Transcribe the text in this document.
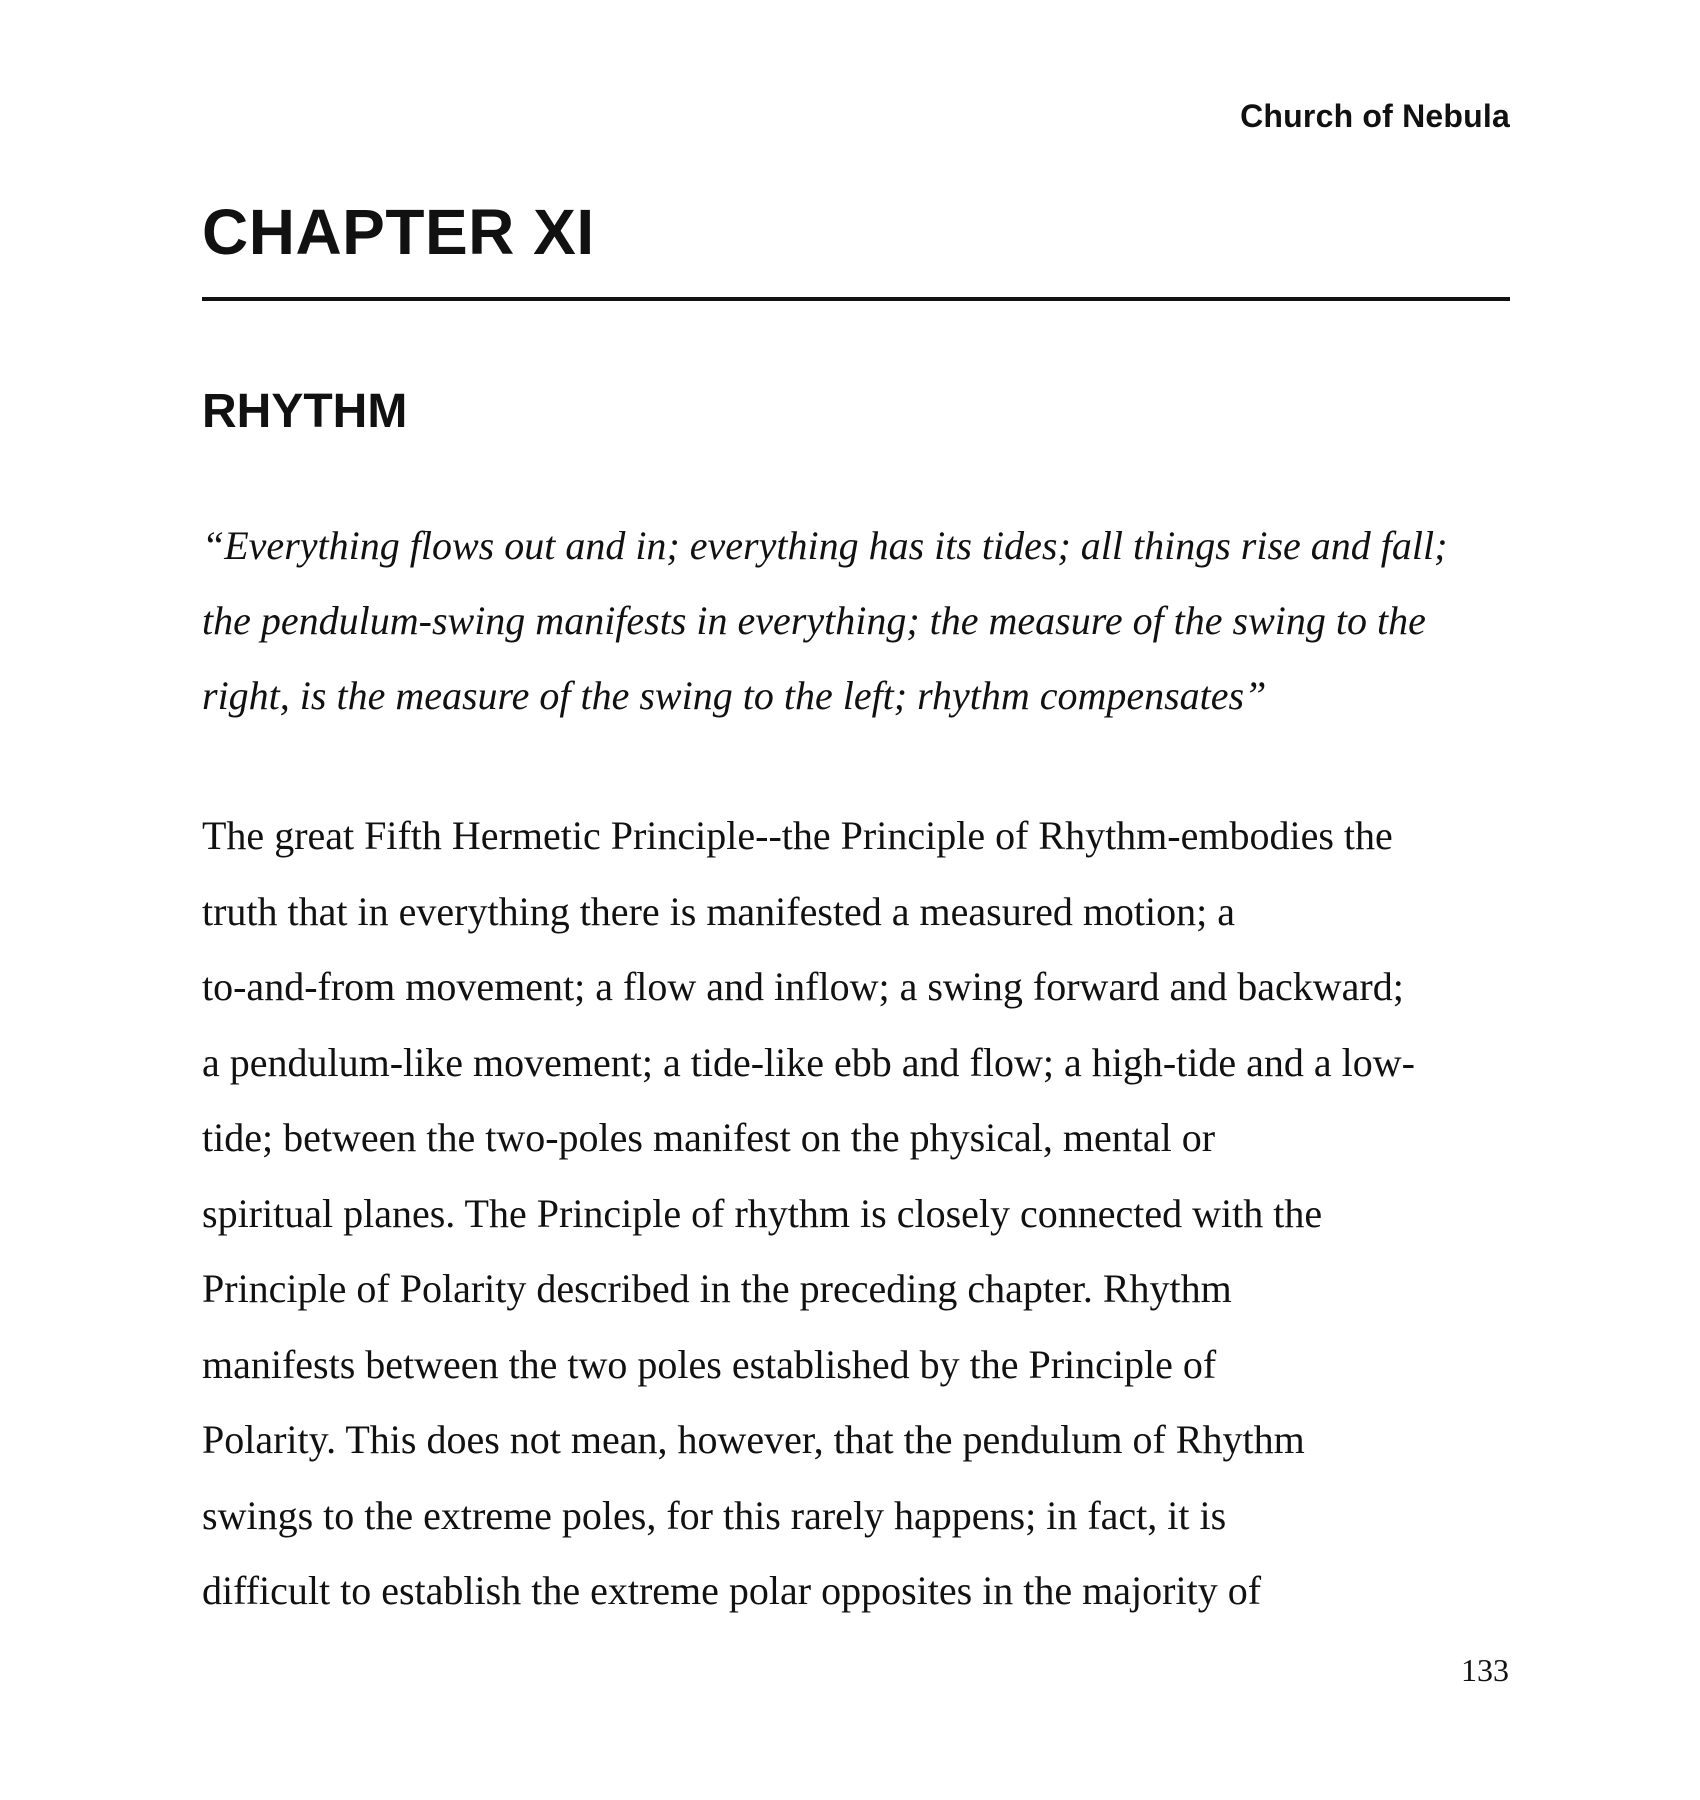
Church of Nebula
CHAPTER XI
RHYTHM
“Everything flows out and in; everything has its tides; all things rise and fall;
the pendulum-swing manifests in everything; the measure of the swing to the
right, is the measure of the swing to the left; rhythm compensates”
The great Fifth Hermetic Principle--the Principle of Rhythm-embodies the
truth that in everything there is manifested a measured motion; a
to-and-from movement; a flow and inflow; a swing forward and backward;
a pendulum-like movement; a tide-like ebb and flow; a high-tide and a low-
tide; between the two-poles manifest on the physical, mental or
spiritual planes. The Principle of rhythm is closely connected with the
Principle of Polarity described in the preceding chapter. Rhythm
manifests between the two poles established by the Principle of
Polarity. This does not mean, however, that the pendulum of Rhythm
swings to the extreme poles, for this rarely happens; in fact, it is
difficult to establish the extreme polar opposites in the majority of
133
